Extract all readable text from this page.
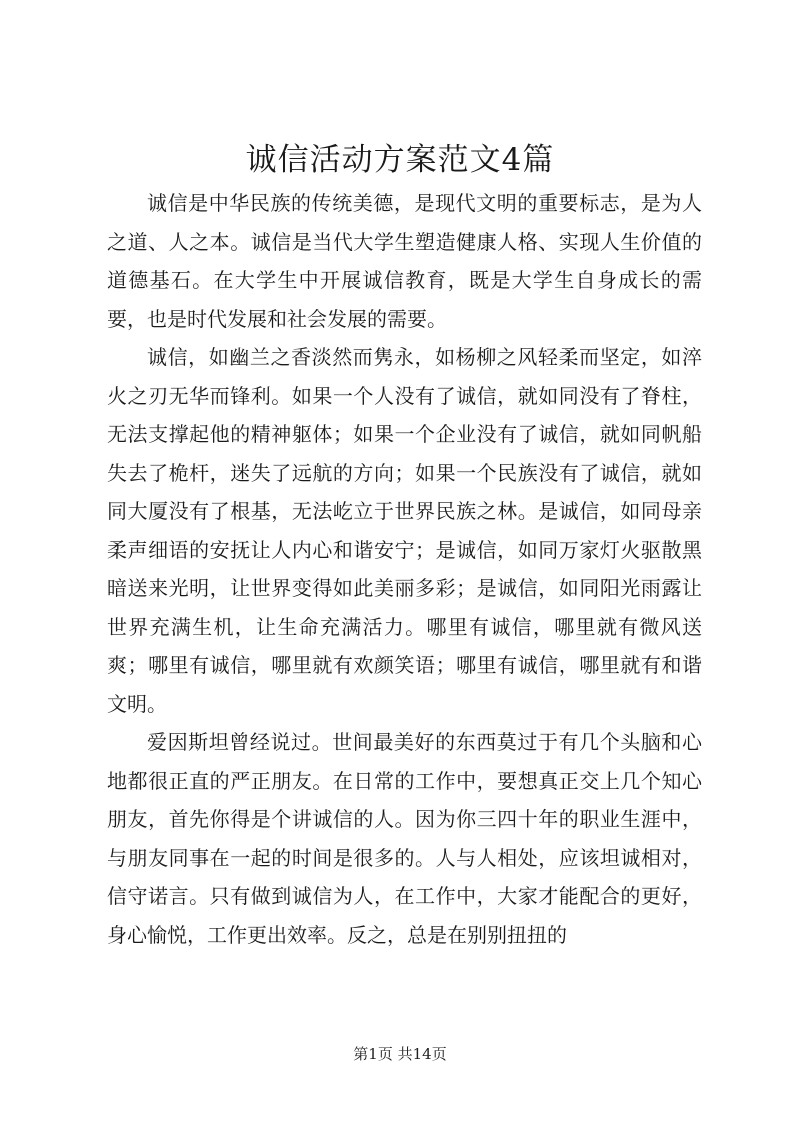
诚信活动方案范文4篇

诚信是中华民族的传统美德，是现代文明的重要标志，是为人之道、人之本。诚信是当代大学生塑造健康人格、实现人生价值的道德基石。在大学生中开展诚信教育，既是大学生自身成长的需要，也是时代发展和社会发展的需要。

诚信，如幽兰之香淡然而隽永，如杨柳之风轻柔而坚定，如淬火之刃无华而锋利。如果一个人没有了诚信，就如同没有了脊柱，无法支撑起他的精神躯体；如果一个企业没有了诚信，就如同帆船失去了桅杆，迷失了远航的方向；如果一个民族没有了诚信，就如同大厦没有了根基，无法屹立于世界民族之林。是诚信，如同母亲柔声细语的安抚让人内心和谐安宁；是诚信，如同万家灯火驱散黑暗送来光明，让世界变得如此美丽多彩；是诚信，如同阳光雨露让世界充满生机，让生命充满活力。哪里有诚信，哪里就有微风送爽；哪里有诚信，哪里就有欢颜笑语；哪里有诚信，哪里就有和谐文明。

爱因斯坦曾经说过。世间最美好的东西莫过于有几个头脑和心地都很正直的严正朋友。在日常的工作中，要想真正交上几个知心朋友，首先你得是个讲诚信的人。因为你三四十年的职业生涯中，与朋友同事在一起的时间是很多的。人与人相处，应该坦诚相对，信守诺言。只有做到诚信为人，在工作中，大家才能配合的更好，身心愉悦，工作更出效率。反之，总是在别别扭扭的

第1页 共14页
